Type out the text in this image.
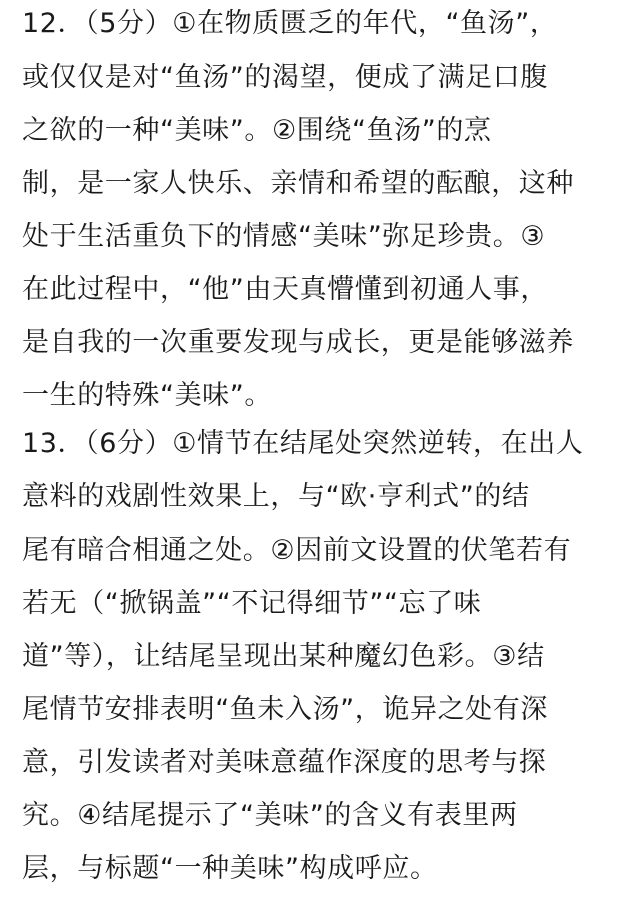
12．（5分）①在物质匮乏的年代，“鱼汤”，
或仅仅是对“鱼汤”的渴望，便成了满足口腹
之欲的一种“美味”。②围绕“鱼汤”的烹
制，是一家人快乐、亲情和希望的酝酿，这种
处于生活重负下的情感“美味”弥足珍贵。③
在此过程中，“他”由天真懵懂到初通人事，
是自我的一次重要发现与成长，更是能够滋养
一生的特殊“美味”。
13．（6分）①情节在结尾处突然逆转，在出人
意料的戏剧性效果上，与“欧·亨利式”的结
尾有暗合相通之处。②因前文设置的伏笔若有
若无（“掀锅盖”“不记得细节”“忘了味
道”等），让结尾呈现出某种魔幻色彩。③结
尾情节安排表明“鱼未入汤”，诡异之处有深
意，引发读者对美味意蕴作深度的思考与探
究。④结尾提示了“美味”的含义有表里两
层，与标题“一种美味”构成呼应。
